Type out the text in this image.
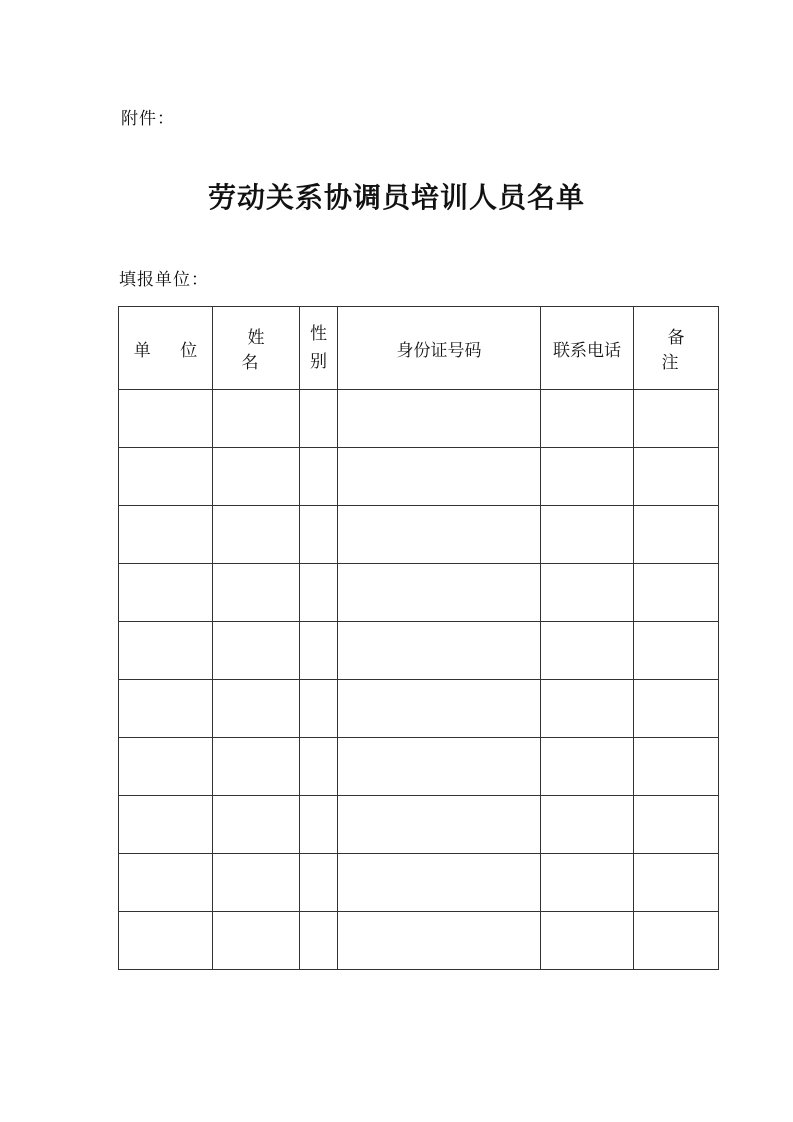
附件：
劳动关系协调员培训人员名单
填报单位：
单 位	姓 名	性别	身份证号码	联系电话	备 注
